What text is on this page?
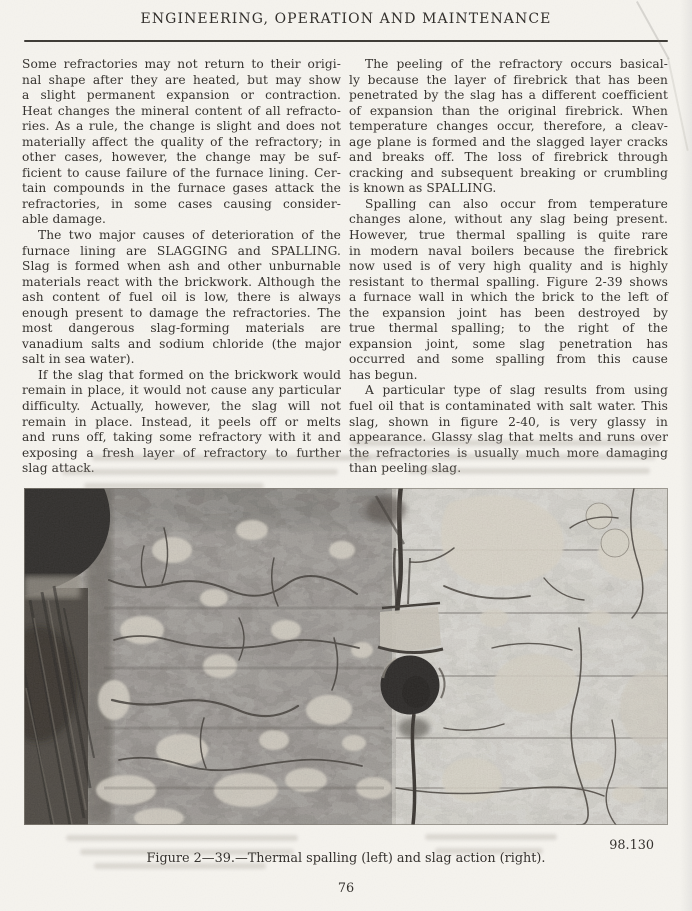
ENGINEERING, OPERATION AND MAINTENANCE
Some refractories may not return to their origi-
nal shape after they are heated, but may show
a slight permanent expansion or contraction.
Heat changes the mineral content of all refracto-
ries. As a rule, the change is slight and does not
materially affect the quality of the refractory; in
other cases, however, the change may be suf-
ficient to cause failure of the furnace lining. Cer-
tain compounds in the furnace gases attack the
refractories, in some cases causing consider-
able damage.
The two major causes of deterioration of the
furnace lining are SLAGGING and SPALLING.
Slag is formed when ash and other unburnable
materials react with the brickwork. Although the
ash content of fuel oil is low, there is always
enough present to damage the refractories. The
most dangerous slag-forming materials are
vanadium salts and sodium chloride (the major
salt in sea water).
If the slag that formed on the brickwork would
remain in place, it would not cause any particular
difficulty. Actually, however, the slag will not
remain in place. Instead, it peels off or melts
and runs off, taking some refractory with it and
exposing a fresh layer of refractory to further
slag attack.
The peeling of the refractory occurs basical-
ly because the layer of firebrick that has been
penetrated by the slag has a different coefficient
of expansion than the original firebrick. When
temperature changes occur, therefore, a cleav-
age plane is formed and the slagged layer cracks
and breaks off. The loss of firebrick through
cracking and subsequent breaking or crumbling
is known as SPALLING.
Spalling can also occur from temperature
changes alone, without any slag being present.
However, true thermal spalling is quite rare
in modern naval boilers because the firebrick
now used is of very high quality and is highly
resistant to thermal spalling. Figure 2-39 shows
a furnace wall in which the brick to the left of
the expansion joint has been destroyed by
true thermal spalling; to the right of the
expansion joint, some slag penetration has
occurred and some spalling from this cause
has begun.
A particular type of slag results from using
fuel oil that is contaminated with salt water. This
slag, shown in figure 2-40, is very glassy in
appearance. Glassy slag that melts and runs over
the refractories is usually much more damaging
than peeling slag.
98.130
Figure 2—39.—Thermal spalling (left) and slag action (right).
76
